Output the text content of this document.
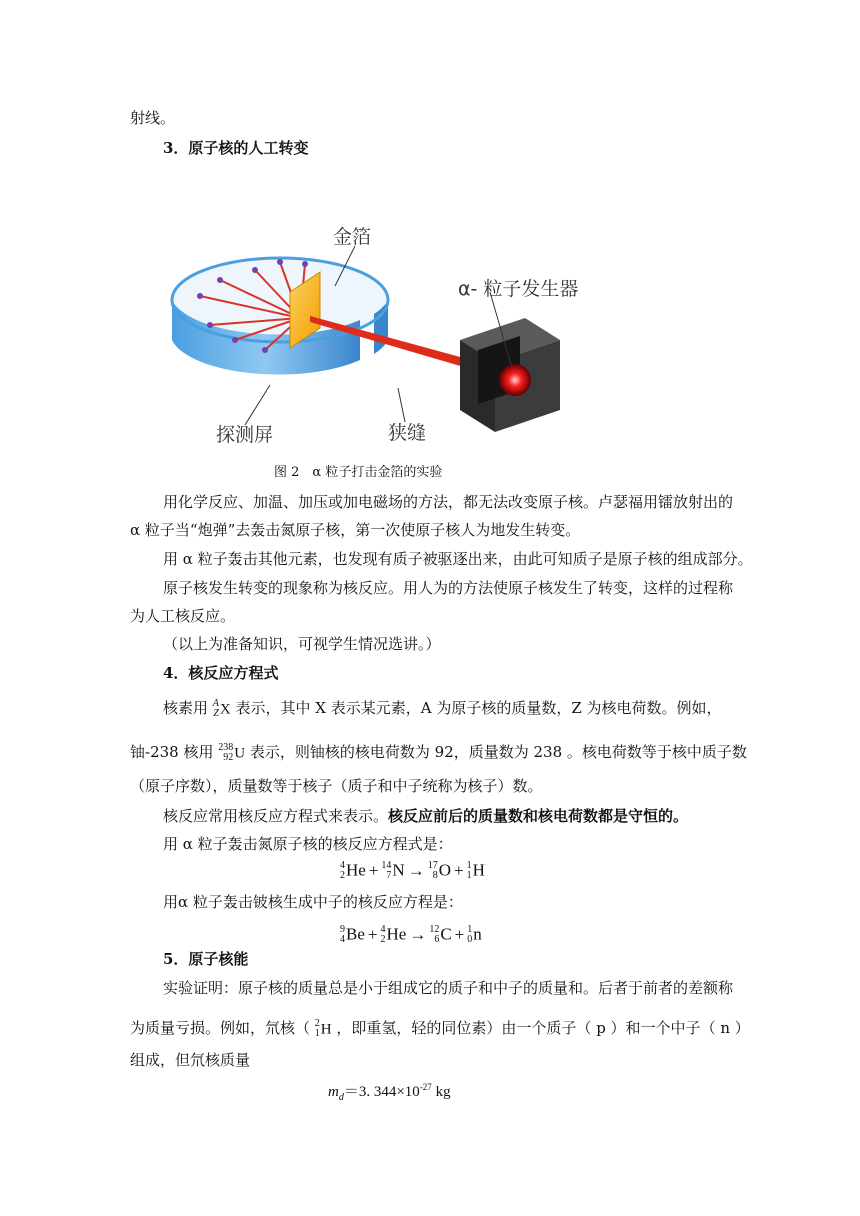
射线。
3．原子核的人工转变
金箔
α- 粒子发生器
探测屏	狭缝
图 2　α 粒子打击金箔的实验
用化学反应、加温、加压或加电磁场的方法，都无法改变原子核。卢瑟福用镭放射出的
α 粒子当“炮弹”去轰击氮原子核，第一次使原子核人为地发生转变。
用 α 粒子轰击其他元素，也发现有质子被驱逐出来，由此可知质子是原子核的组成部分。
原子核发生转变的现象称为核反应。用人为的方法使原子核发生了转变，这样的过程称
为人工核反应。
（以上为准备知识，可视学生情况选讲。）
4．核反应方程式
核素用 A
Z X 表示，其中 X 表示某元素，A 为原子核的质量数，Z 为核电荷数。例如，
铀-238 核用 238
92 U 表示，则铀核的核电荷数为 92，质量数为 238 。核电荷数等于核中质子数
（原子序数），质量数等于核子（质子和中子统称为核子）数。
核反应常用核反应方程式来表示。核反应前后的质量数和核电荷数都是守恒的。
用 α 粒子轰击氮原子核的核反应方程式是：
4
2 He + 14
7 N → 17
8 O + 1
1 H
用α 粒子轰击铍核生成中子的核反应方程是：
9
4 Be + 4
2 He → 12
6 C + 1
0 n
5．原子核能
实验证明：原子核的质量总是小于组成它的质子和中子的质量和。后者于前者的差额称
为质量亏损。例如，氘核（ 2
1 H ，即重氢，轻的同位素）由一个质子（ p ）和一个中子（ n ）
组成，但氘核质量
$m_d=3$. $344\times 10^{-27}$ kg
